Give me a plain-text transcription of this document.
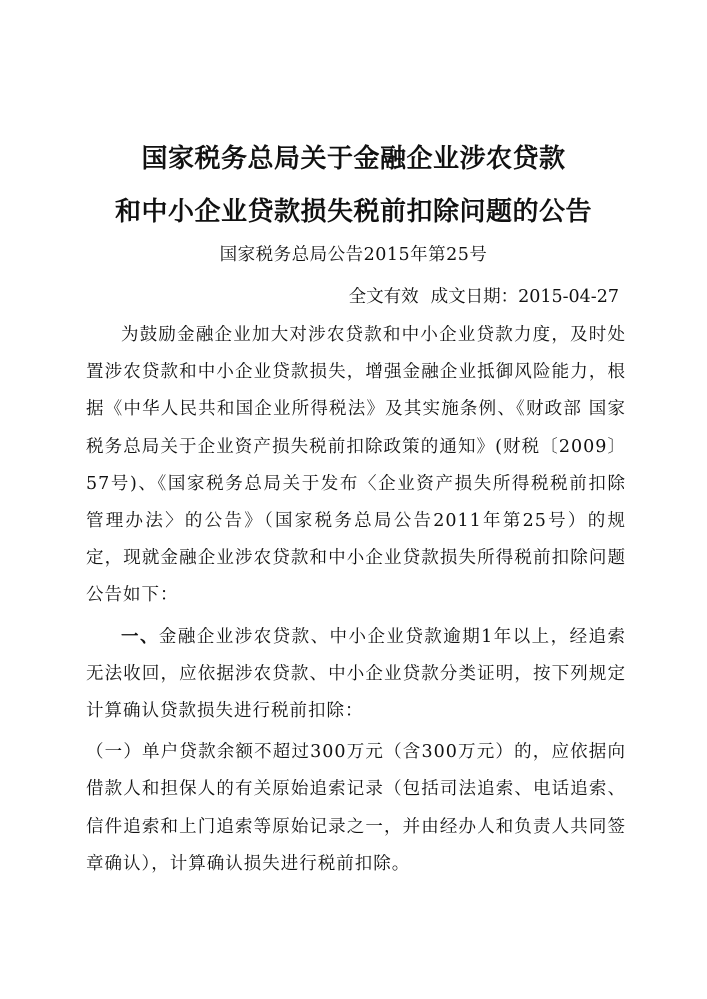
国家税务总局关于金融企业涉农贷款
和中小企业贷款损失税前扣除问题的公告
国家税务总局公告2015年第25号
全文有效 成文日期：2015-04-27

为鼓励金融企业加大对涉农贷款和中小企业贷款力度，及时处置涉农贷款和中小企业贷款损失，增强金融企业抵御风险能力，根据《中华人民共和国企业所得税法》及其实施条例、《财政部 国家税务总局关于企业资产损失税前扣除政策的通知》(财税〔2009〕57号)、《国家税务总局关于发布〈企业资产损失所得税税前扣除管理办法〉的公告》（国家税务总局公告2011年第25号）的规定，现就金融企业涉农贷款和中小企业贷款损失所得税前扣除问题公告如下：

一、金融企业涉农贷款、中小企业贷款逾期1年以上，经追索无法收回，应依据涉农贷款、中小企业贷款分类证明，按下列规定计算确认贷款损失进行税前扣除：

（一）单户贷款余额不超过300万元（含300万元）的，应依据向借款人和担保人的有关原始追索记录（包括司法追索、电话追索、信件追索和上门追索等原始记录之一，并由经办人和负责人共同签章确认），计算确认损失进行税前扣除。
